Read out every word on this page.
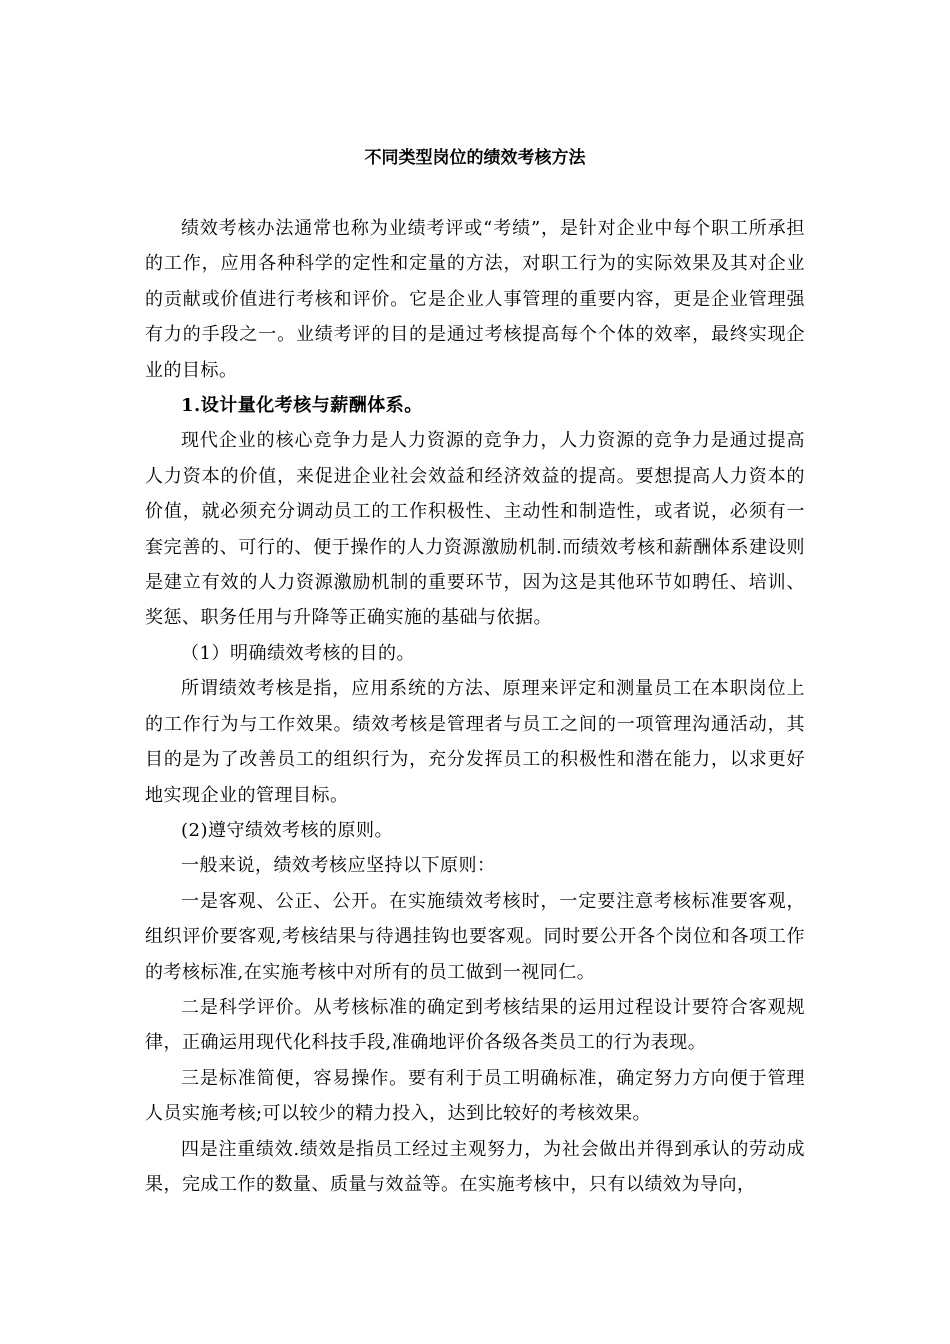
不同类型岗位的绩效考核方法

绩效考核办法通常也称为业绩考评或“考绩”，是针对企业中每个职工所承担的工作，应用各种科学的定性和定量的方法，对职工行为的实际效果及其对企业的贡献或价值进行考核和评价。它是企业人事管理的重要内容，更是企业管理强有力的手段之一。业绩考评的目的是通过考核提高每个个体的效率，最终实现企业的目标。

1.设计量化考核与薪酬体系。

现代企业的核心竞争力是人力资源的竞争力，人力资源的竞争力是通过提高人力资本的价值，来促进企业社会效益和经济效益的提高。要想提高人力资本的价值，就必须充分调动员工的工作积极性、主动性和制造性，或者说，必须有一套完善的、可行的、便于操作的人力资源激励机制.而绩效考核和薪酬体系建设则是建立有效的人力资源激励机制的重要环节，因为这是其他环节如聘任、培训、奖惩、职务任用与升降等正确实施的基础与依据。

（1）明确绩效考核的目的。

所谓绩效考核是指，应用系统的方法、原理来评定和测量员工在本职岗位上的工作行为与工作效果。绩效考核是管理者与员工之间的一项管理沟通活动，其目的是为了改善员工的组织行为，充分发挥员工的积极性和潜在能力，以求更好地实现企业的管理目标。

(2)遵守绩效考核的原则。

一般来说，绩效考核应坚持以下原则：

一是客观、公正、公开。在实施绩效考核时，一定要注意考核标准要客观，组织评价要客观,考核结果与待遇挂钩也要客观。同时要公开各个岗位和各项工作的考核标准,在实施考核中对所有的员工做到一视同仁。

二是科学评价。从考核标准的确定到考核结果的运用过程设计要符合客观规律，正确运用现代化科技手段,准确地评价各级各类员工的行为表现。

三是标准简便，容易操作。要有利于员工明确标准，确定努力方向便于管理人员实施考核;可以较少的精力投入，达到比较好的考核效果。

四是注重绩效.绩效是指员工经过主观努力，为社会做出并得到承认的劳动成果，完成工作的数量、质量与效益等。在实施考核中，只有以绩效为导向，
